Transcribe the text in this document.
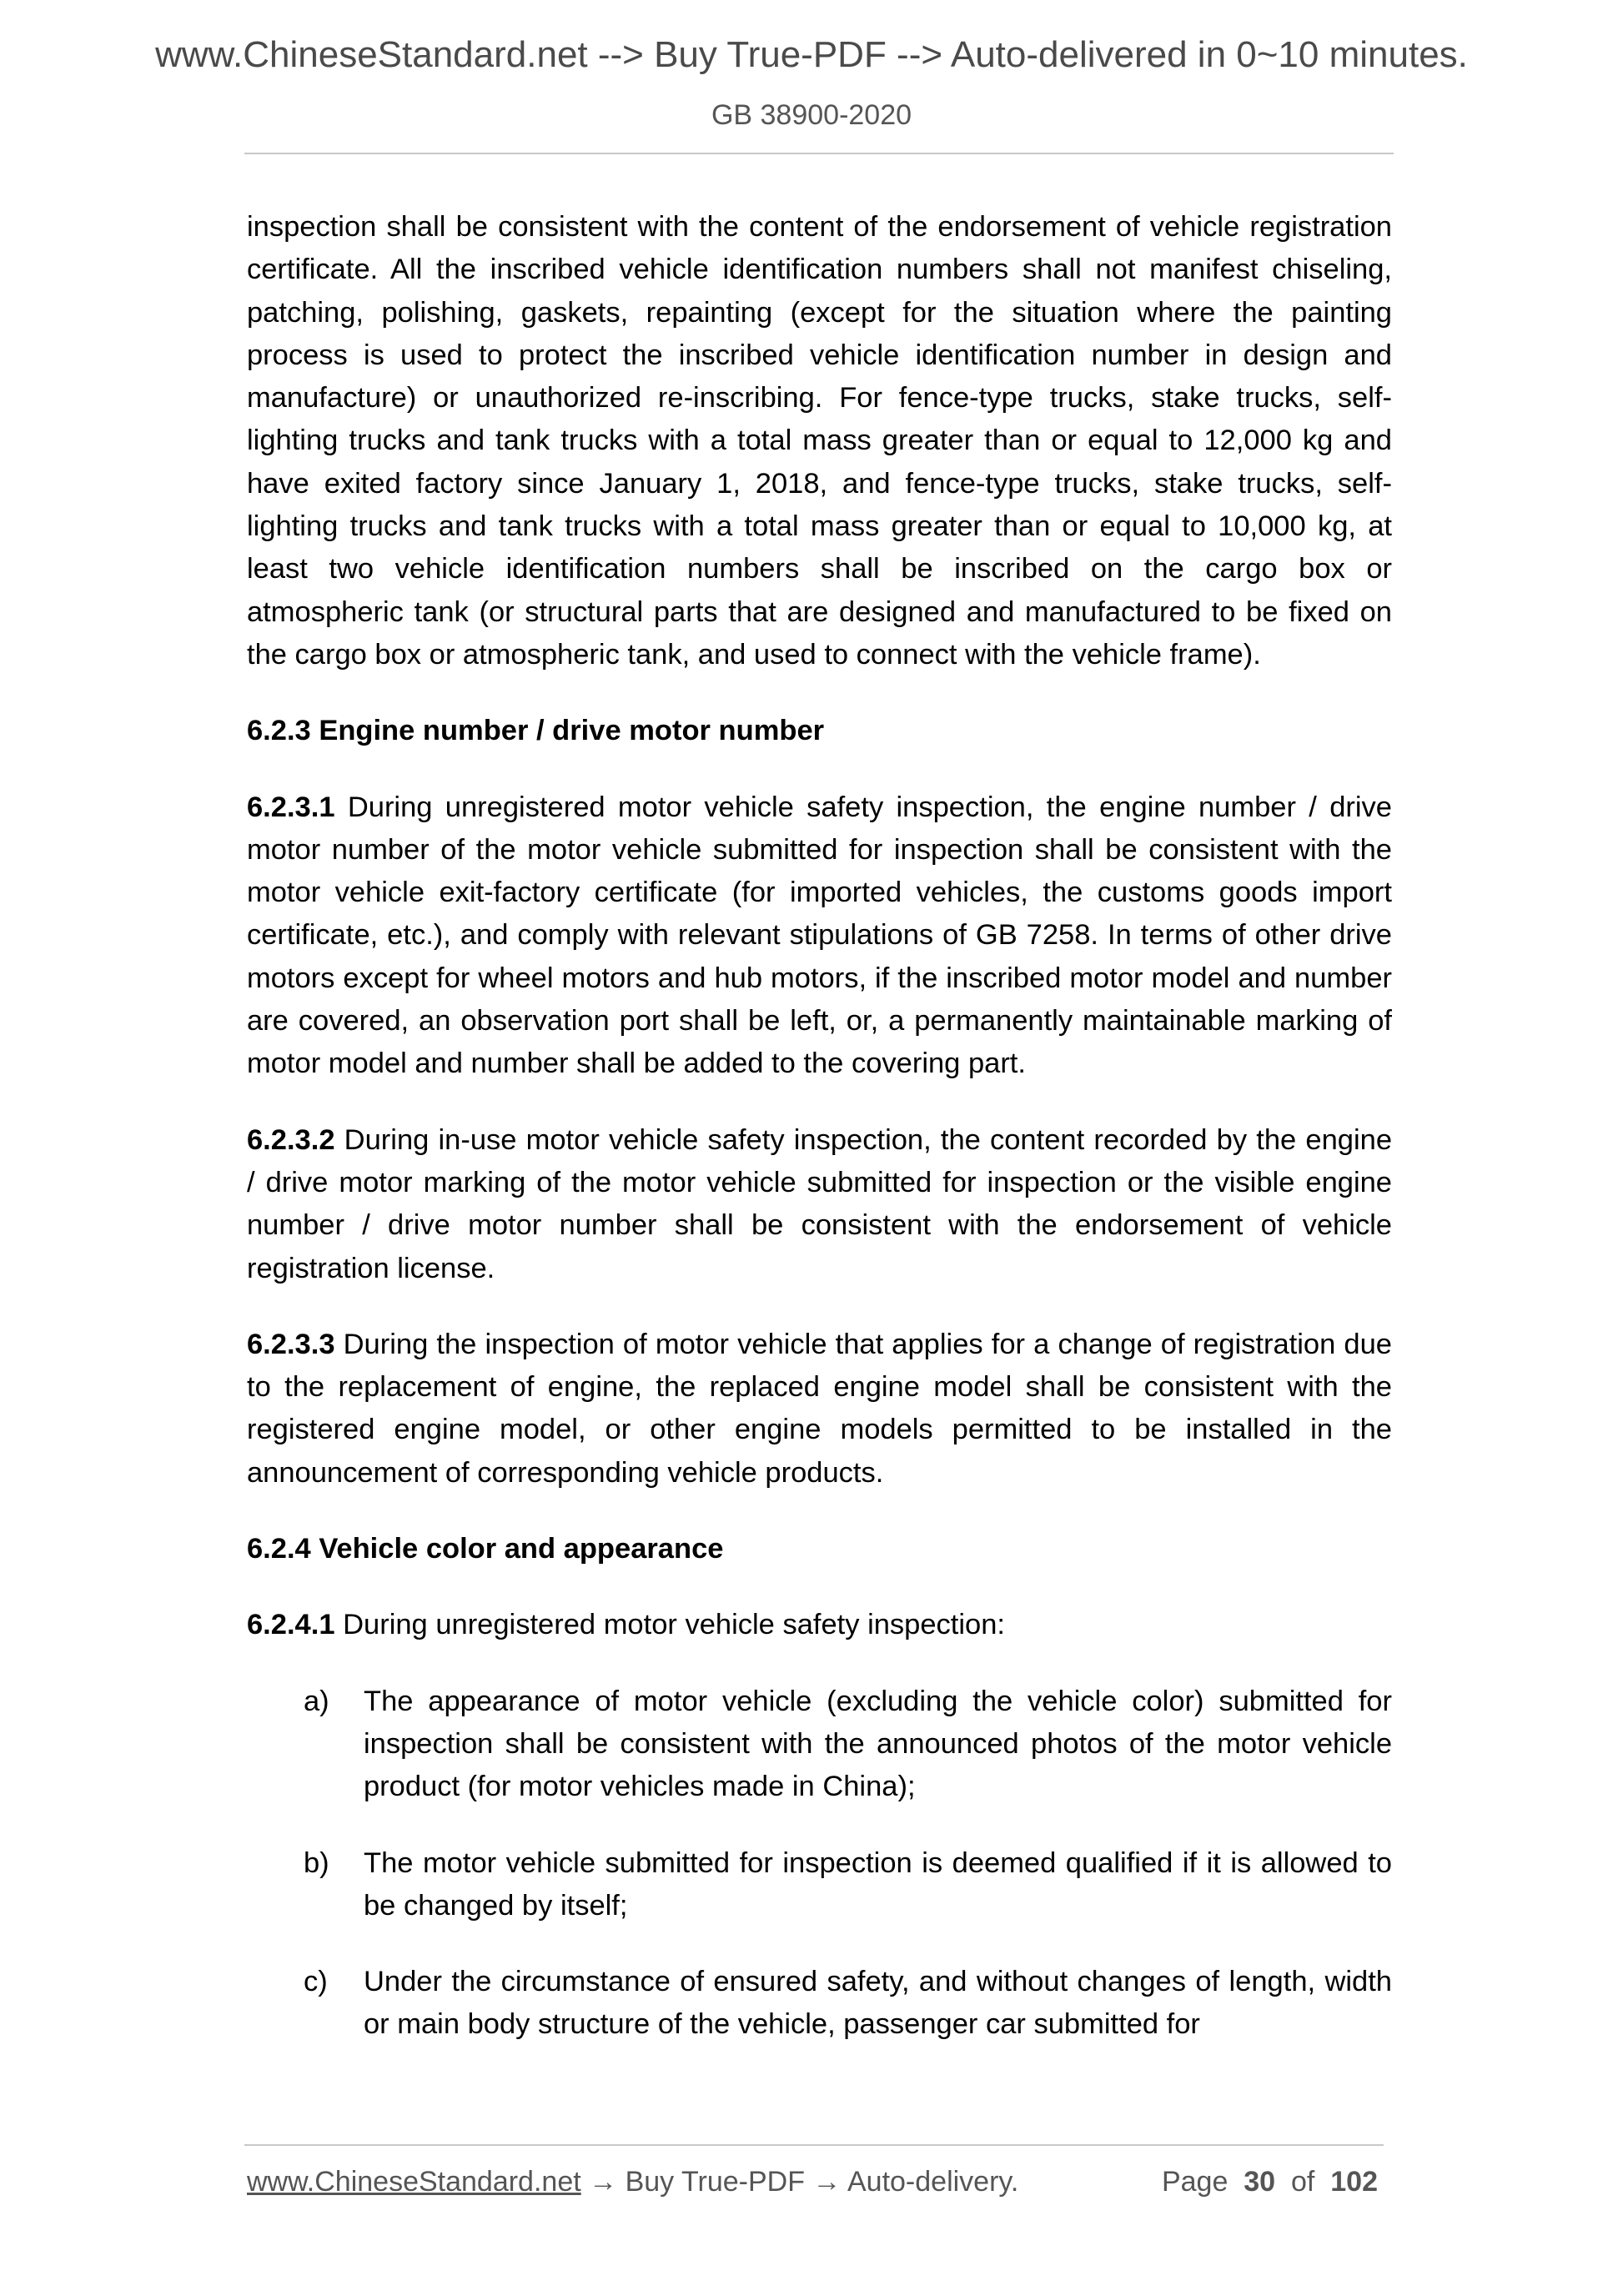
www.ChineseStandard.net --> Buy True-PDF --> Auto-delivered in 0~10 minutes.
GB 38900-2020

inspection shall be consistent with the content of the endorsement of vehicle registration certificate. All the inscribed vehicle identification numbers shall not manifest chiseling, patching, polishing, gaskets, repainting (except for the situation where the painting process is used to protect the inscribed vehicle identification number in design and manufacture) or unauthorized re-inscribing. For fence-type trucks, stake trucks, self-lighting trucks and tank trucks with a total mass greater than or equal to 12,000 kg and have exited factory since January 1, 2018, and fence-type trucks, stake trucks, self-lighting trucks and tank trucks with a total mass greater than or equal to 10,000 kg, at least two vehicle identification numbers shall be inscribed on the cargo box or atmospheric tank (or structural parts that are designed and manufactured to be fixed on the cargo box or atmospheric tank, and used to connect with the vehicle frame).

6.2.3 Engine number / drive motor number

6.2.3.1 During unregistered motor vehicle safety inspection, the engine number / drive motor number of the motor vehicle submitted for inspection shall be consistent with the motor vehicle exit-factory certificate (for imported vehicles, the customs goods import certificate, etc.), and comply with relevant stipulations of GB 7258. In terms of other drive motors except for wheel motors and hub motors, if the inscribed motor model and number are covered, an observation port shall be left, or, a permanently maintainable marking of motor model and number shall be added to the covering part.

6.2.3.2 During in-use motor vehicle safety inspection, the content recorded by the engine / drive motor marking of the motor vehicle submitted for inspection or the visible engine number / drive motor number shall be consistent with the endorsement of vehicle registration license.

6.2.3.3 During the inspection of motor vehicle that applies for a change of registration due to the replacement of engine, the replaced engine model shall be consistent with the registered engine model, or other engine models permitted to be installed in the announcement of corresponding vehicle products.

6.2.4 Vehicle color and appearance

6.2.4.1 During unregistered motor vehicle safety inspection:

a) The appearance of motor vehicle (excluding the vehicle color) submitted for inspection shall be consistent with the announced photos of the motor vehicle product (for motor vehicles made in China);
b) The motor vehicle submitted for inspection is deemed qualified if it is allowed to be changed by itself;
c) Under the circumstance of ensured safety, and without changes of length, width or main body structure of the vehicle, passenger car submitted for
www.ChineseStandard.net → Buy True-PDF → Auto-delivery.	Page 30 of 102
